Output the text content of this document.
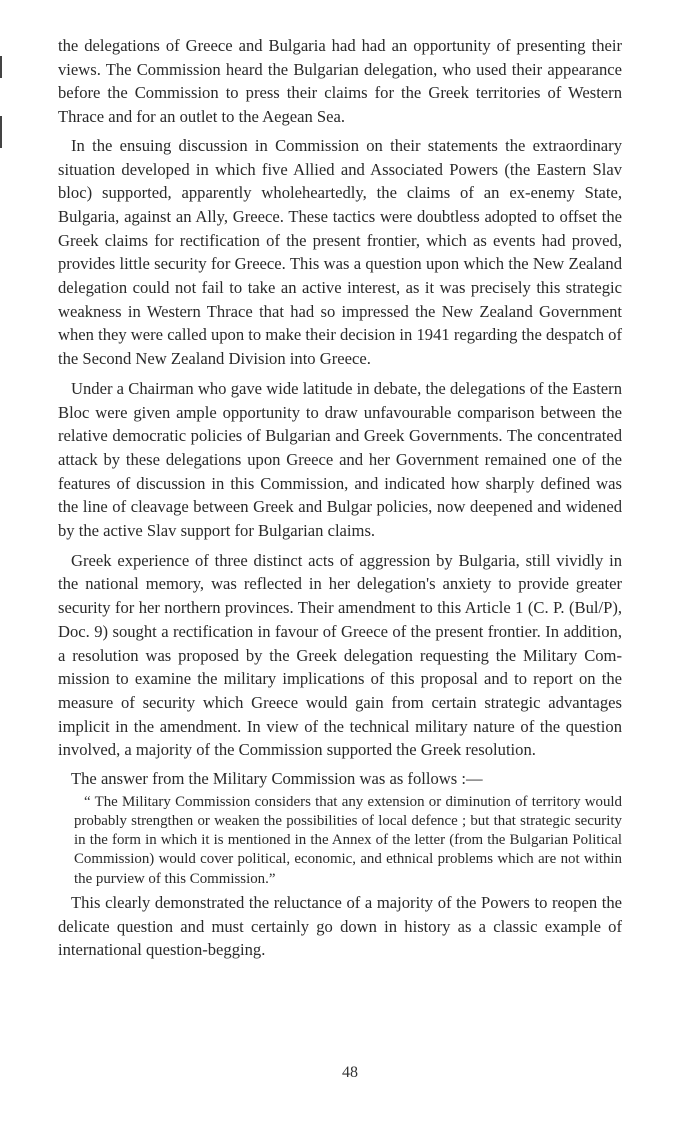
the delegations of Greece and Bulgaria had had an opportunity of presenting their views. The Commission heard the Bulgarian delegation, who used their appearance before the Commission to press their claims for the Greek territories of Western Thrace and for an outlet to the Aegean Sea.

In the ensuing discussion in Commission on their statements the extraordinary situation developed in which five Allied and Associated Powers (the Eastern Slav bloc) supported, apparently wholeheartedly, the claims of an ex-enemy State, Bulgaria, against an Ally, Greece. These tactics were doubtless adopted to offset the Greek claims for rectification of the present frontier, which as events had proved, provides little security for Greece. This was a question upon which the New Zealand delegation could not fail to take an active interest, as it was precisely this strategic weakness in Western Thrace that had so impressed the New Zealand Government when they were called upon to make their decision in 1941 regarding the despatch of the Second New Zealand Division into Greece.

Under a Chairman who gave wide latitude in debate, the delegations of the Eastern Bloc were given ample opportunity to draw unfavourable comparison between the relative democratic policies of Bulgarian and Greek Governments. The concentrated attack by these delegations upon Greece and her Government remained one of the features of discussion in this Commission, and indicated how sharply defined was the line of cleavage between Greek and Bulgar policies, now deepened and widened by the active Slav support for Bulgarian claims.

Greek experience of three distinct acts of aggression by Bulgaria, still vividly in the national memory, was reflected in her delegation's anxiety to provide greater security for her northern provinces. Their amendment to this Article 1 (C. P. (Bul/P), Doc. 9) sought a rectification in favour of Greece of the present frontier. In addition, a resolution was proposed by the Greek delegation requesting the Military Com-mission to examine the military implications of this proposal and to report on the measure of security which Greece would gain from certain strategic advantages implicit in the amendment. In view of the technical military nature of the question involved, a majority of the Commission supported the Greek resolution.

The answer from the Military Commission was as follows :—

“ The Military Commission considers that any extension or diminution of territory would probably strengthen or weaken the possibilities of local defence ; but that strategic security in the form in which it is mentioned in the Annex of the letter (from the Bulgarian Political Commission) would cover political, economic, and ethnical problems which are not within the purview of this Commission.”

This clearly demonstrated the reluctance of a majority of the Powers to reopen the delicate question and must certainly go down in history as a classic example of international question-begging.

48
